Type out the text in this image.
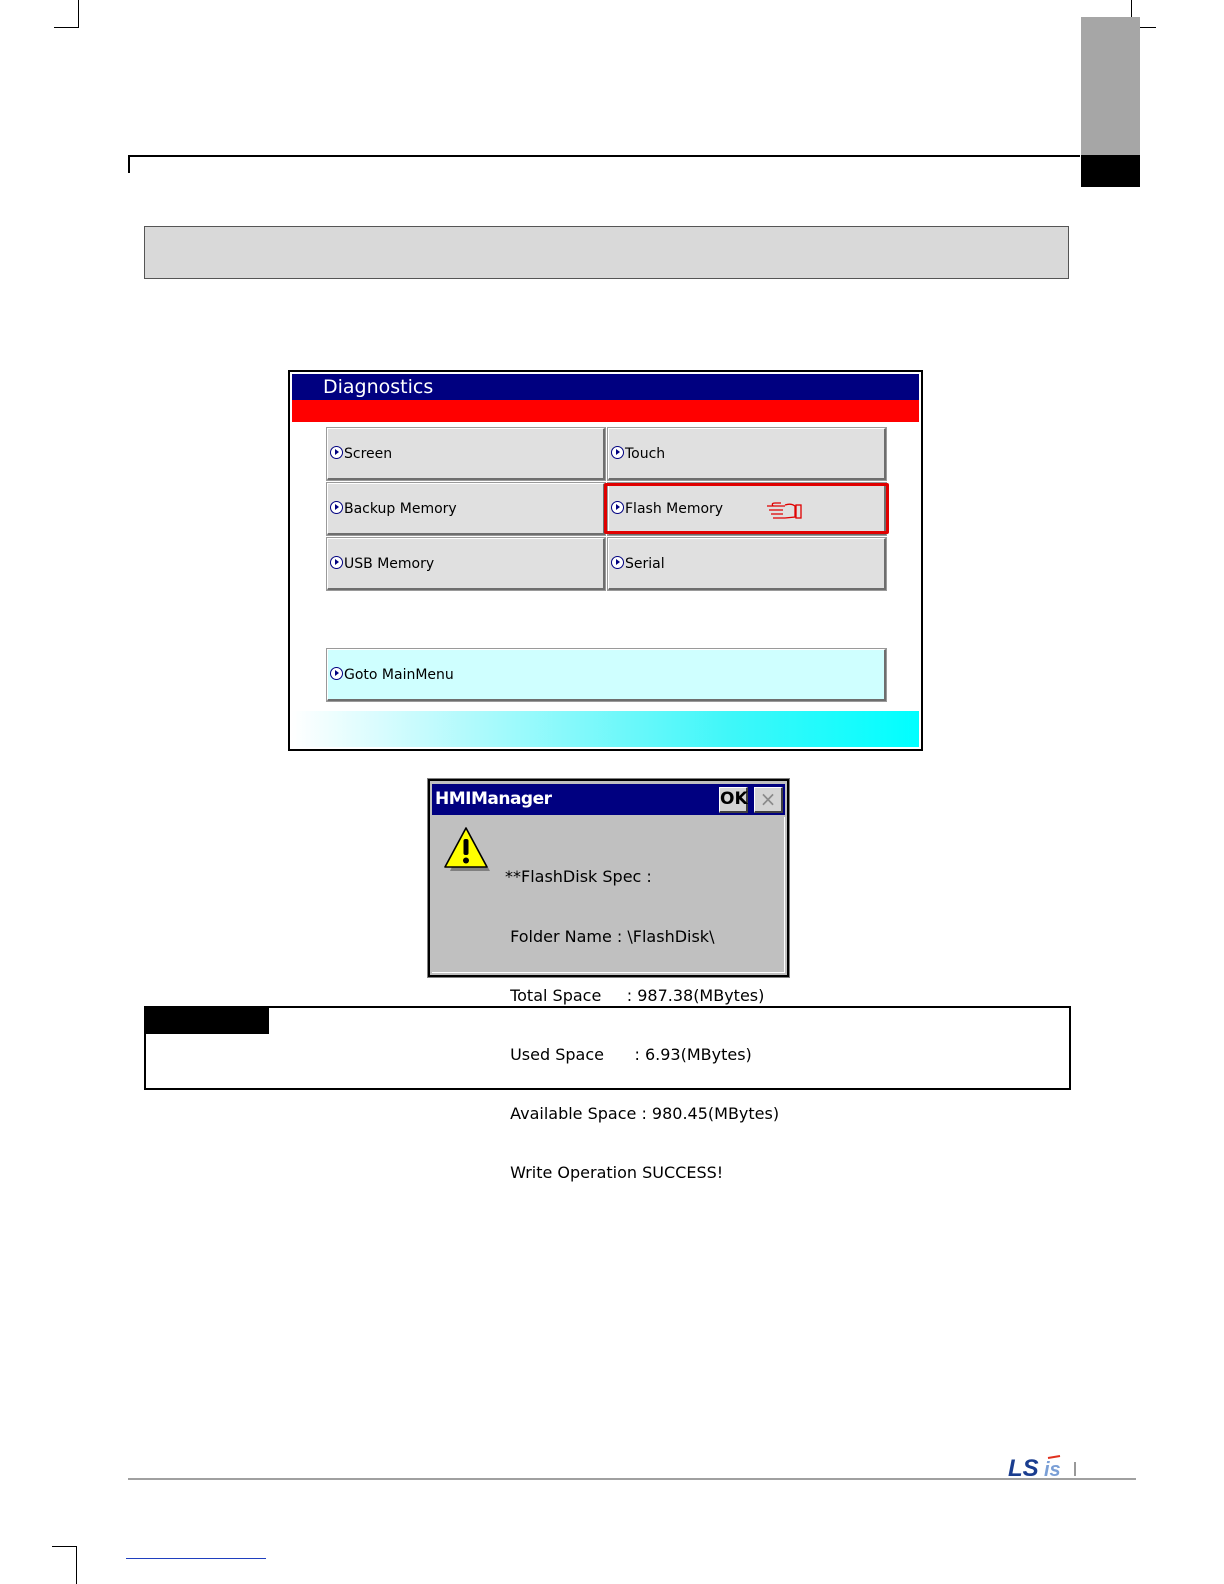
Diagnostics
Screen	Touch
Backup Memory	Flash Memory
USB Memory	Serial
Goto MainMenu
HMIManager	OK ×

**FlashDisk Spec :

Folder Name : \FlashDisk\

Total Space     : 987.38(MBytes)

Used Space      : 6.93(MBytes)

Available Space : 980.45(MBytes)

Write Operation SUCCESS!

LS is
